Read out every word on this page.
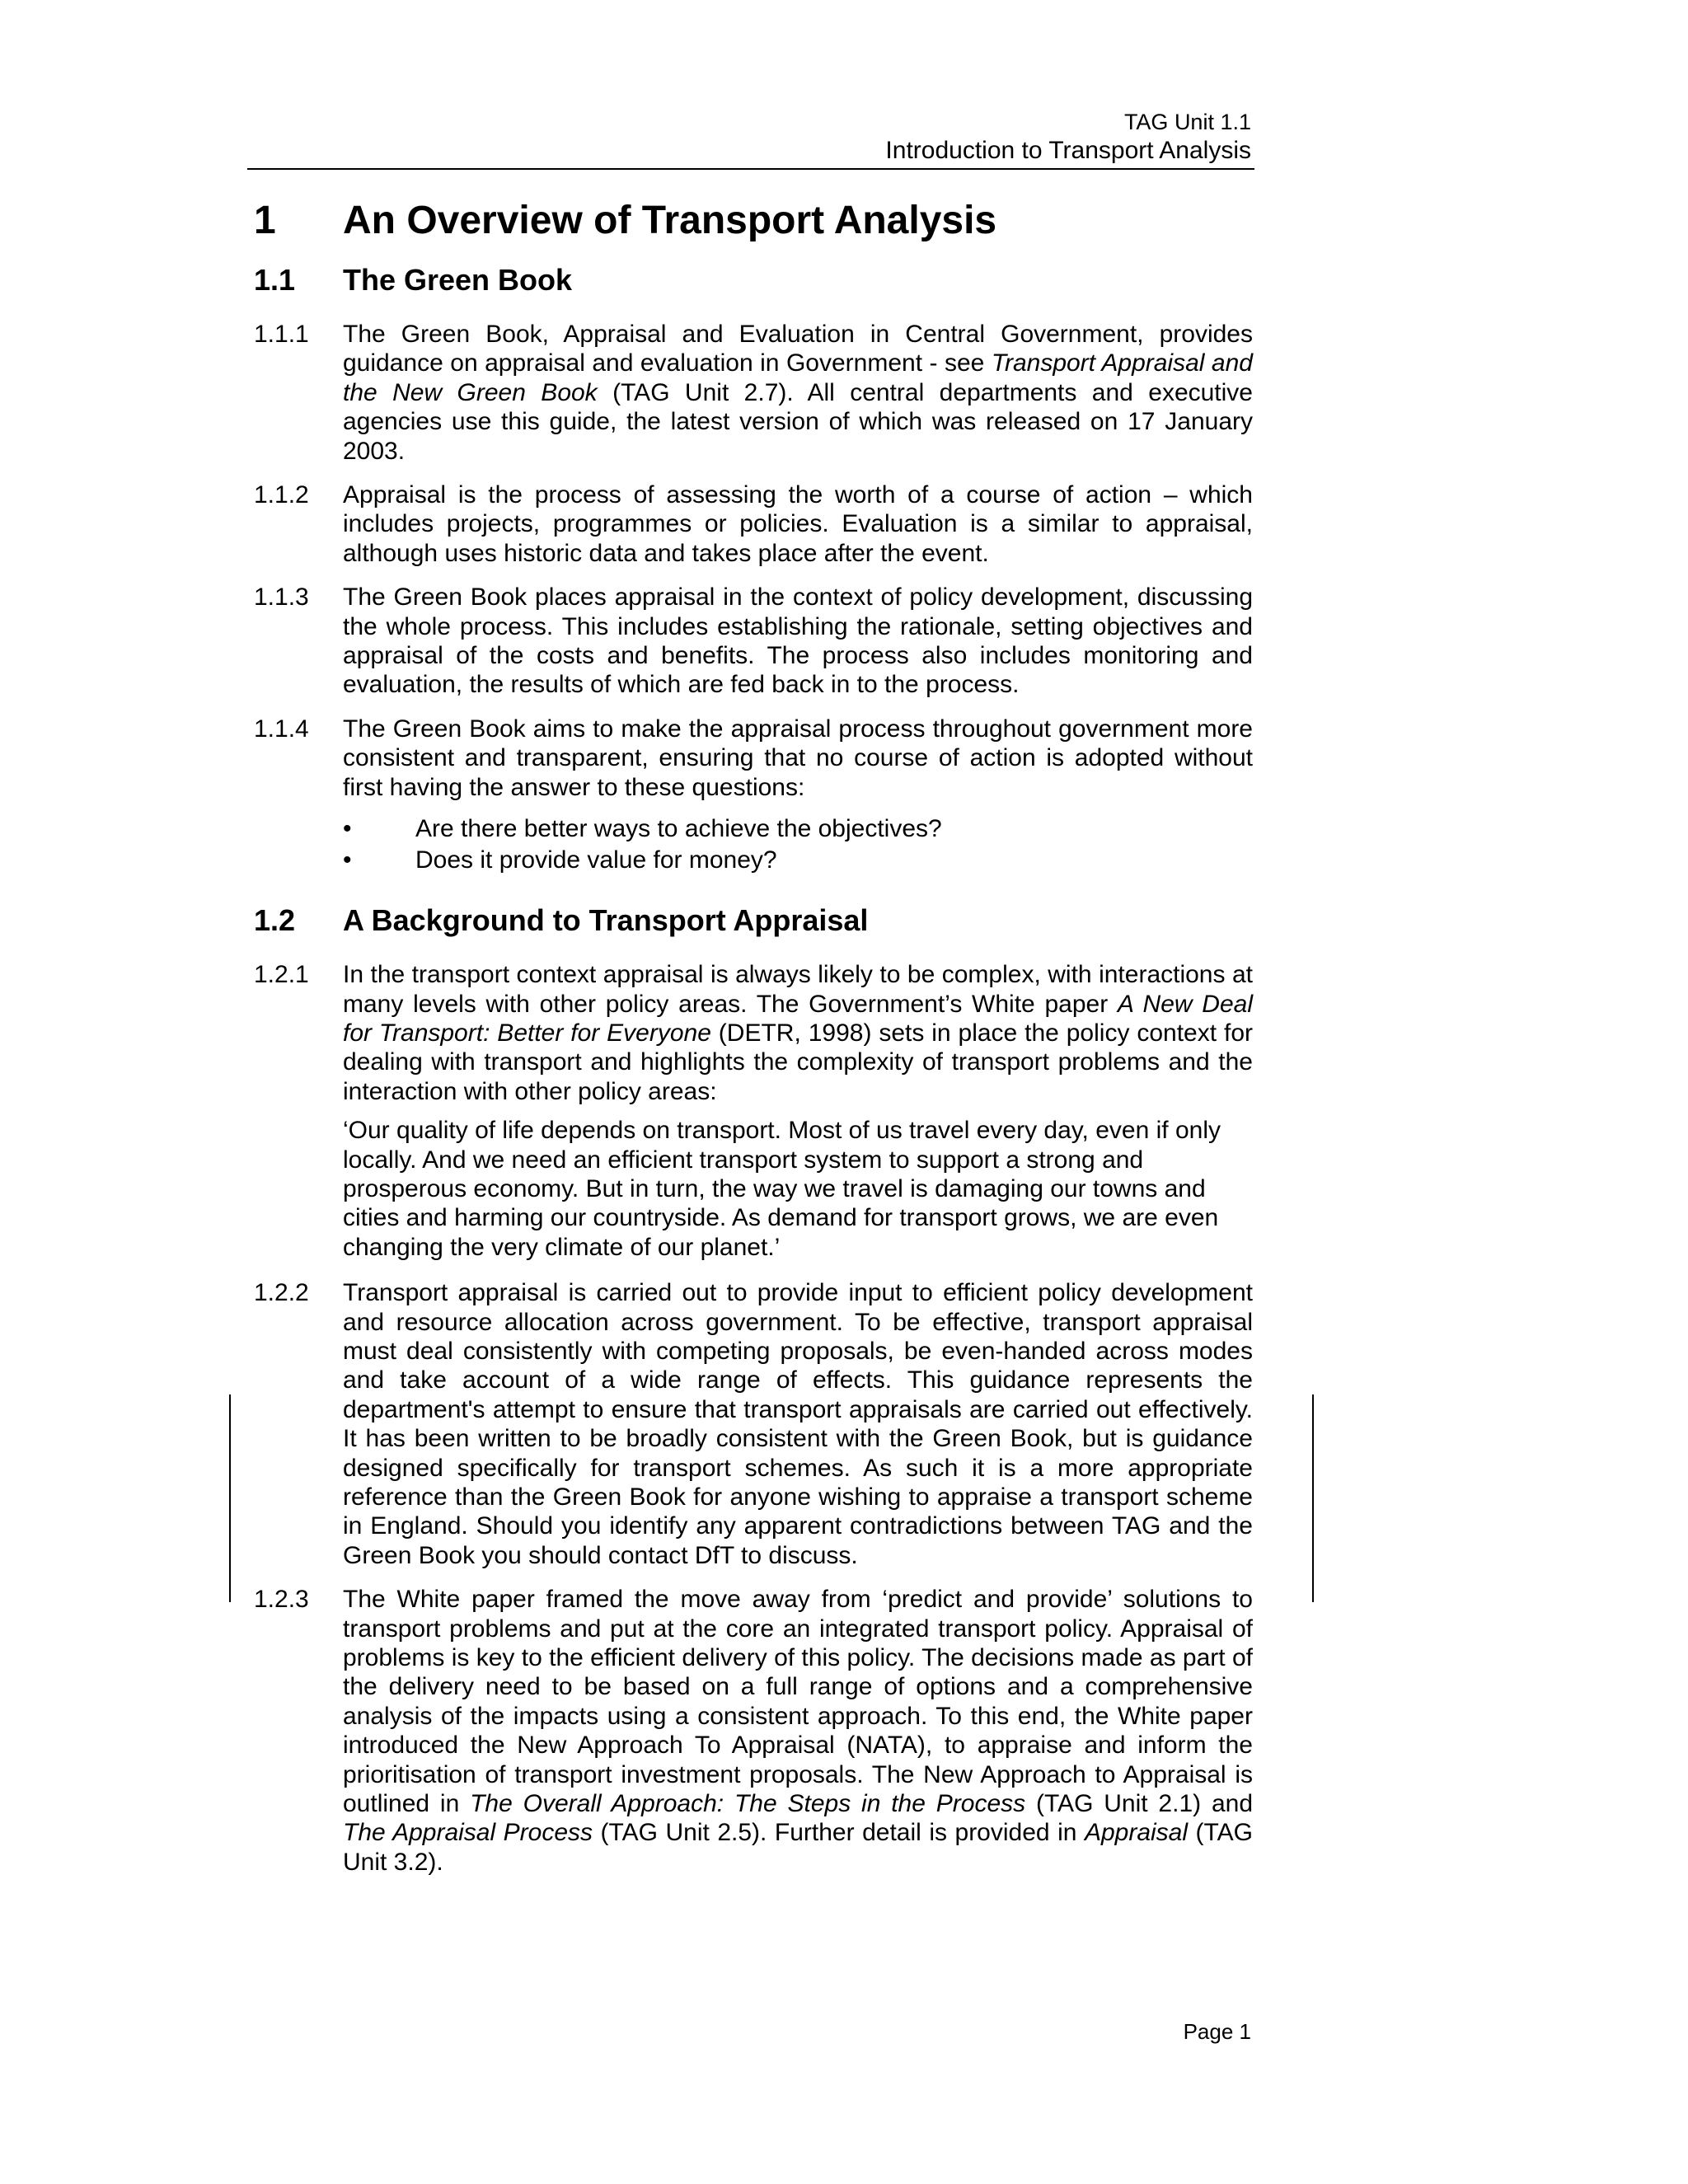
TAG Unit 1.1
Introduction to Transport Analysis
1	An Overview of Transport Analysis
1.1	The Green Book
1.1.1	The Green Book, Appraisal and Evaluation in Central Government, provides guidance on appraisal and evaluation in Government - see Transport Appraisal and the New Green Book (TAG Unit 2.7). All central departments and executive agencies use this guide, the latest version of which was released on 17 January 2003.
1.1.2	Appraisal is the process of assessing the worth of a course of action – which includes projects, programmes or policies. Evaluation is a similar to appraisal, although uses historic data and takes place after the event.
1.1.3	The Green Book places appraisal in the context of policy development, discussing the whole process. This includes establishing the rationale, setting objectives and appraisal of the costs and benefits. The process also includes monitoring and evaluation, the results of which are fed back in to the process.
1.1.4	The Green Book aims to make the appraisal process throughout government more consistent and transparent, ensuring that no course of action is adopted without first having the answer to these questions:
•	Are there better ways to achieve the objectives?
•	Does it provide value for money?
1.2	A Background to Transport Appraisal
1.2.1	In the transport context appraisal is always likely to be complex, with interactions at many levels with other policy areas. The Government’s White paper A New Deal for Transport: Better for Everyone (DETR, 1998) sets in place the policy context for dealing with transport and highlights the complexity of transport problems and the interaction with other policy areas:
‘Our quality of life depends on transport. Most of us travel every day, even if only locally. And we need an efficient transport system to support a strong and prosperous economy. But in turn, the way we travel is damaging our towns and cities and harming our countryside. As demand for transport grows, we are even changing the very climate of our planet.’
1.2.2	Transport appraisal is carried out to provide input to efficient policy development and resource allocation across government. To be effective, transport appraisal must deal consistently with competing proposals, be even-handed across modes and take account of a wide range of effects. This guidance represents the department's attempt to ensure that transport appraisals are carried out effectively. It has been written to be broadly consistent with the Green Book, but is guidance designed specifically for transport schemes. As such it is a more appropriate reference than the Green Book for anyone wishing to appraise a transport scheme in England. Should you identify any apparent contradictions between TAG and the Green Book you should contact DfT to discuss.
1.2.3	The White paper framed the move away from ‘predict and provide’ solutions to transport problems and put at the core an integrated transport policy. Appraisal of problems is key to the efficient delivery of this policy. The decisions made as part of the delivery need to be based on a full range of options and a comprehensive analysis of the impacts using a consistent approach. To this end, the White paper introduced the New Approach To Appraisal (NATA), to appraise and inform the prioritisation of transport investment proposals. The New Approach to Appraisal is outlined in The Overall Approach: The Steps in the Process (TAG Unit 2.1) and The Appraisal Process (TAG Unit 2.5). Further detail is provided in Appraisal (TAG Unit 3.2).
Page 1
